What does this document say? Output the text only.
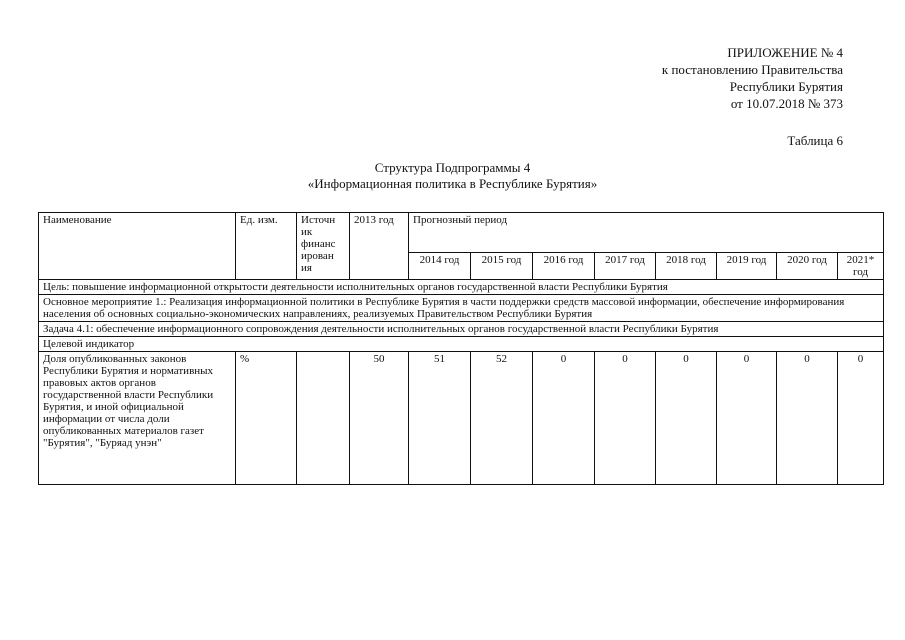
ПРИЛОЖЕНИЕ № 4
к постановлению Правительства
Республики Бурятия
от 10.07.2018 № 373
Таблица 6
Структура Подпрограммы 4
«Информационная политика в Республике Бурятия»
Наименование	Ед. изм.	Источн ик финанс ирован ия	2013 год	Прогнозный период							
				2014 год	2015 год	2016 год	2017 год	2018 год	2019 год	2020 год	2021* год
Цель: повышение информационной открытости деятельности исполнительных органов государственной власти Республики Бурятия											
Основное мероприятие 1.: Реализация информационной политики в Республике Бурятия в части поддержки средств массовой информации, обеспечение информирования населения об основных социально-экономических направлениях, реализуемых Правительством Республики Бурятия											
Задача 4.1: обеспечение информационного сопровождения деятельности исполнительных органов государственной власти Республики Бурятия											
Целевой индикатор											
Доля опубликованных законов Республики Бурятия и нормативных правовых актов органов государственной власти Республики Бурятия, и иной официальной информации от числа доли опубликованных материалов газет "Бурятия", "Буряад унэн"	%		50	51	52	0	0	0	0	0	0
